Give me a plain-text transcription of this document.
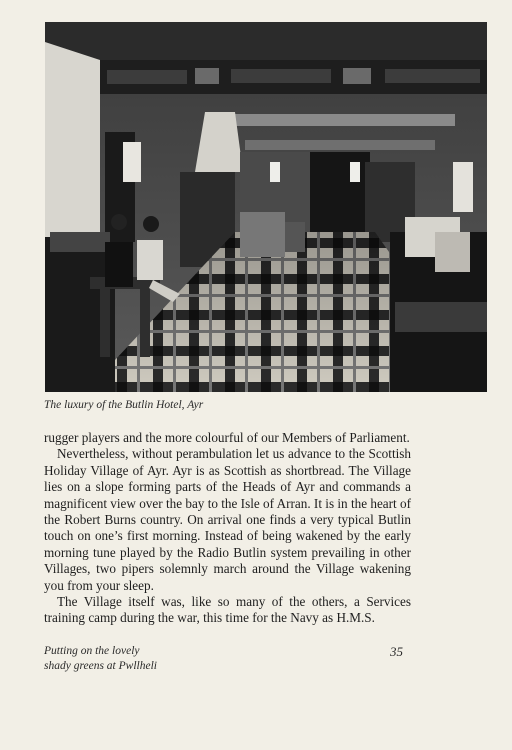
The luxury of the Butlin Hotel, Ayr

rugger players and the more colourful of our Members of Parliament.

Nevertheless, without perambulation let us advance to the Scottish Holiday Village of Ayr. Ayr is as Scottish as shortbread. The Village lies on a slope forming parts of the Heads of Ayr and commands a magnificent view over the bay to the Isle of Arran. It is in the heart of the Robert Burns country. On arrival one finds a very typical Butlin touch on one’s first morning. Instead of being wakened by the early morning tune played by the Radio Butlin system prevailing in other Villages, two pipers solemnly march around the Village wakening you from your sleep.

The Village itself was, like so many of the others, a Services training camp during the war, this time for the Navy as H.M.S.

Putting on the lovely
shady greens at Pwllheli
35
